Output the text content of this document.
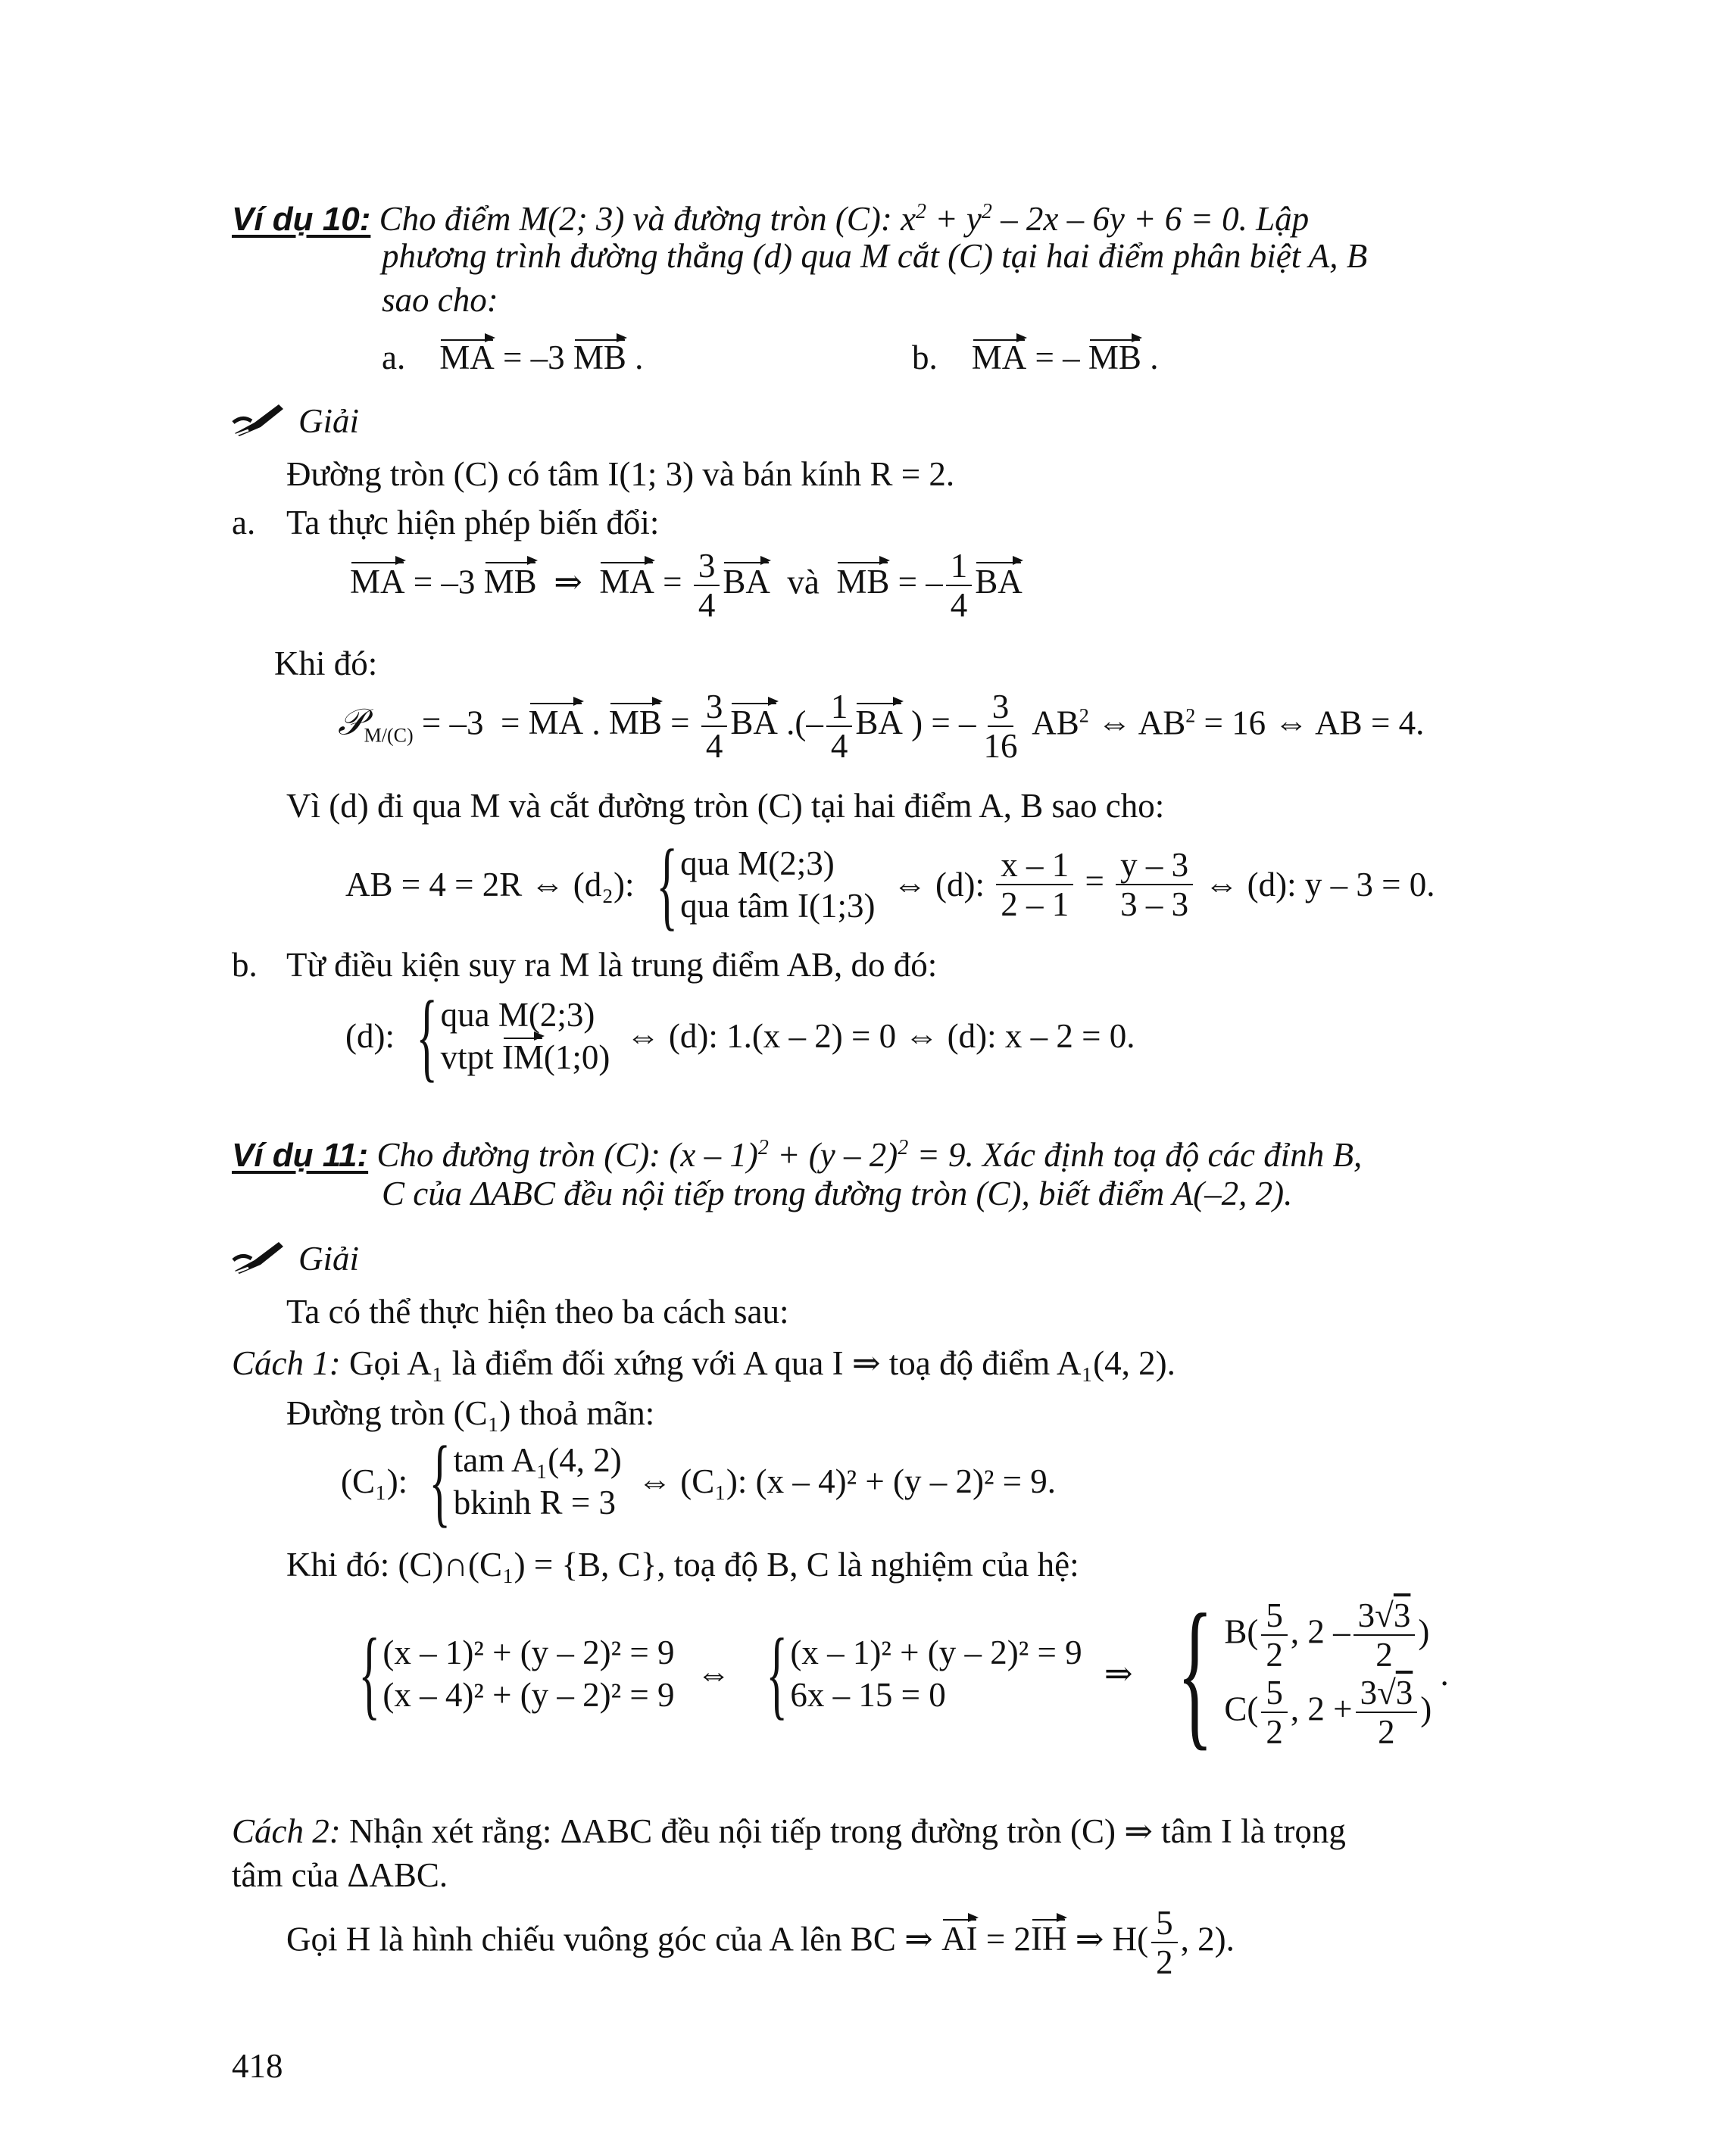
Ví dụ 10: Cho điểm M(2; 3) và đường tròn (C): $x^2 + y^2 - 2x - 6y + 6 = 0$. Lập
phương trình đường thẳng (d) qua M cắt (C) tại hai điểm phân biệt A, B
sao cho:
a. MA = –3 MB .	b. MA = – MB .
Giải
Đường tròn (C) có tâm I(1; 3) và bán kính R = 2.
a. Ta thực hiện phép biến đổi:
MA = –3 MB  ⇒  MA = $\frac{3}{4}$ BA  và  MB = – $\frac{1}{4}$ BA
Khi đó:
𝒫$_{M/(C)}$ = –3  = MA . MB = $\frac{3}{4}$ BA .(– $\frac{1}{4}$ BA ) = – $\frac{3}{16} AB^2$ ⇔ $AB^2 = 16$ ⇔ AB = 4.
Vì (d) đi qua M và cắt đường tròn (C) tại hai điểm A, B sao cho:
AB = 4 = 2R ⇔ (d₂): { qua M(2;3)
qua tâm I(1;3)
⇔ (d): $\frac{x - 1}{2 - 1} = \frac{y - 3}{3 - 3}$ ⇔ (d): y – 3 = 0.
b. Từ điều kiện suy ra M là trung điểm AB, do đó:
(d): { qua M(2;3)
vtpt IM(1;0)
⇔ (d): 1.(x – 2) = 0 ⇔ (d): x – 2 = 0.
Ví dụ 11: Cho đường tròn (C): (x – 1)$^2$ + (y – 2)$^2$ = 9. Xác định toạ độ các đỉnh B,
C của ΔABC đều nội tiếp trong đường tròn (C), biết điểm A(–2, 2).
Giải
Ta có thể thực hiện theo ba cách sau:
Cách 1: Gọi A₁ là điểm đối xứng với A qua I ⇒ toạ độ điểm A₁(4, 2).
Đường tròn (C₁) thoả mãn:
(C₁): { tam A₁(4, 2)
bkinh R = 3
⇔ (C₁): (x – 4)² + (y – 2)² = 9.
Khi đó: (C)∩(C₁) = {B, C}, toạ độ B, C là nghiệm của hệ:
{ (x – 1)² + (y – 2)² = 9
(x – 4)² + (y – 2)² = 9
⇔ { (x – 1)² + (y – 2)² = 9
6x – 15 = 0
⇒ { $B( \frac{5}{2}$ , $2 - \frac{3√3}{2}$ )
$C( \frac{5}{2}$ , $2 + \frac{3√3}{2}$ )
.
Cách 2: Nhận xét rằng: ΔABC đều nội tiếp trong đường tròn (C) ⇒ tâm I là trọng
tâm của ΔABC.
Gọi H là hình chiếu vuông góc của A lên BC ⇒ AI = 2IH ⇒ $H( \frac{5}{2}$ , 2).
418
